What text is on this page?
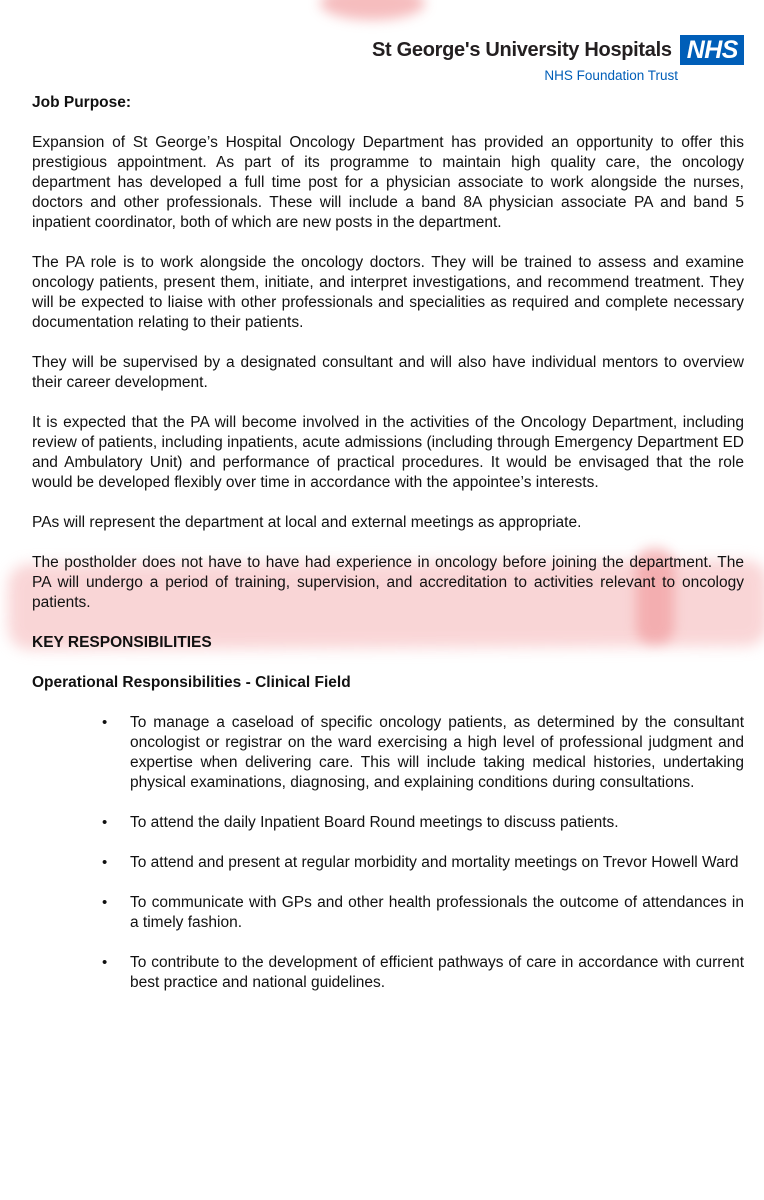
St George's University Hospitals NHS
NHS Foundation Trust
Job Purpose:

Expansion of St George’s Hospital Oncology Department has provided an opportunity to offer this prestigious appointment. As part of its programme to maintain high quality care, the oncology department has developed a full time post for a physician associate to work alongside the nurses, doctors and other professionals. These will include a band 8A physician associate PA and band 5 inpatient coordinator, both of which are new posts in the department.

The PA role is to work alongside the oncology doctors. They will be trained to assess and examine oncology patients, present them, initiate, and interpret investigations, and recommend treatment. They will be expected to liaise with other professionals and specialities as required and complete necessary documentation relating to their patients.

They will be supervised by a designated consultant and will also have individual mentors to overview their career development.

It is expected that the PA will become involved in the activities of the Oncology Department, including review of patients, including inpatients, acute admissions (including through Emergency Department ED and Ambulatory Unit) and performance of practical procedures. It would be envisaged that the role would be developed flexibly over time in accordance with the appointee’s interests.

PAs will represent the department at local and external meetings as appropriate.

The postholder does not have to have had experience in oncology before joining the department. The PA will undergo a period of training, supervision, and accreditation to activities relevant to oncology patients.

KEY RESPONSIBILITIES
Operational Responsibilities - Clinical Field
• To manage a caseload of specific oncology patients, as determined by the consultant oncologist or registrar on the ward exercising a high level of professional judgment and expertise when delivering care. This will include taking medical histories, undertaking physical examinations, diagnosing, and explaining conditions during consultations.
• To attend the daily Inpatient Board Round meetings to discuss patients.
• To attend and present at regular morbidity and mortality meetings on Trevor Howell Ward
• To communicate with GPs and other health professionals the outcome of attendances in a timely fashion.
• To contribute to the development of efficient pathways of care in accordance with current best practice and national guidelines.
